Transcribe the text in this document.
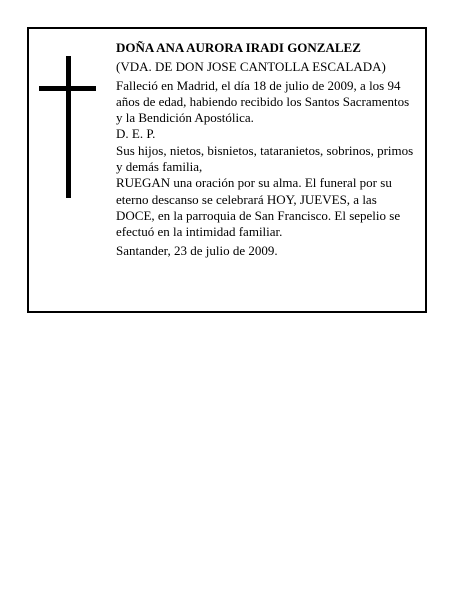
DOÑA ANA AURORA IRADI GONZALEZ

(VDA. DE DON JOSE CANTOLLA ESCALADA)

Falleció en Madrid, el día 18 de julio de 2009, a los 94 años de edad, habiendo recibido los Santos Sacramentos y la Bendición Apostólica.

D. E. P.

Sus hijos, nietos, bisnietos, tataranietos, sobrinos, primos y demás familia,

RUEGAN una oración por su alma. El funeral por su eterno descanso se celebrará HOY, JUEVES, a las DOCE, en la parroquia de San Francisco. El sepelio se efectuó en la intimidad familiar.

Santander, 23 de julio de 2009.
